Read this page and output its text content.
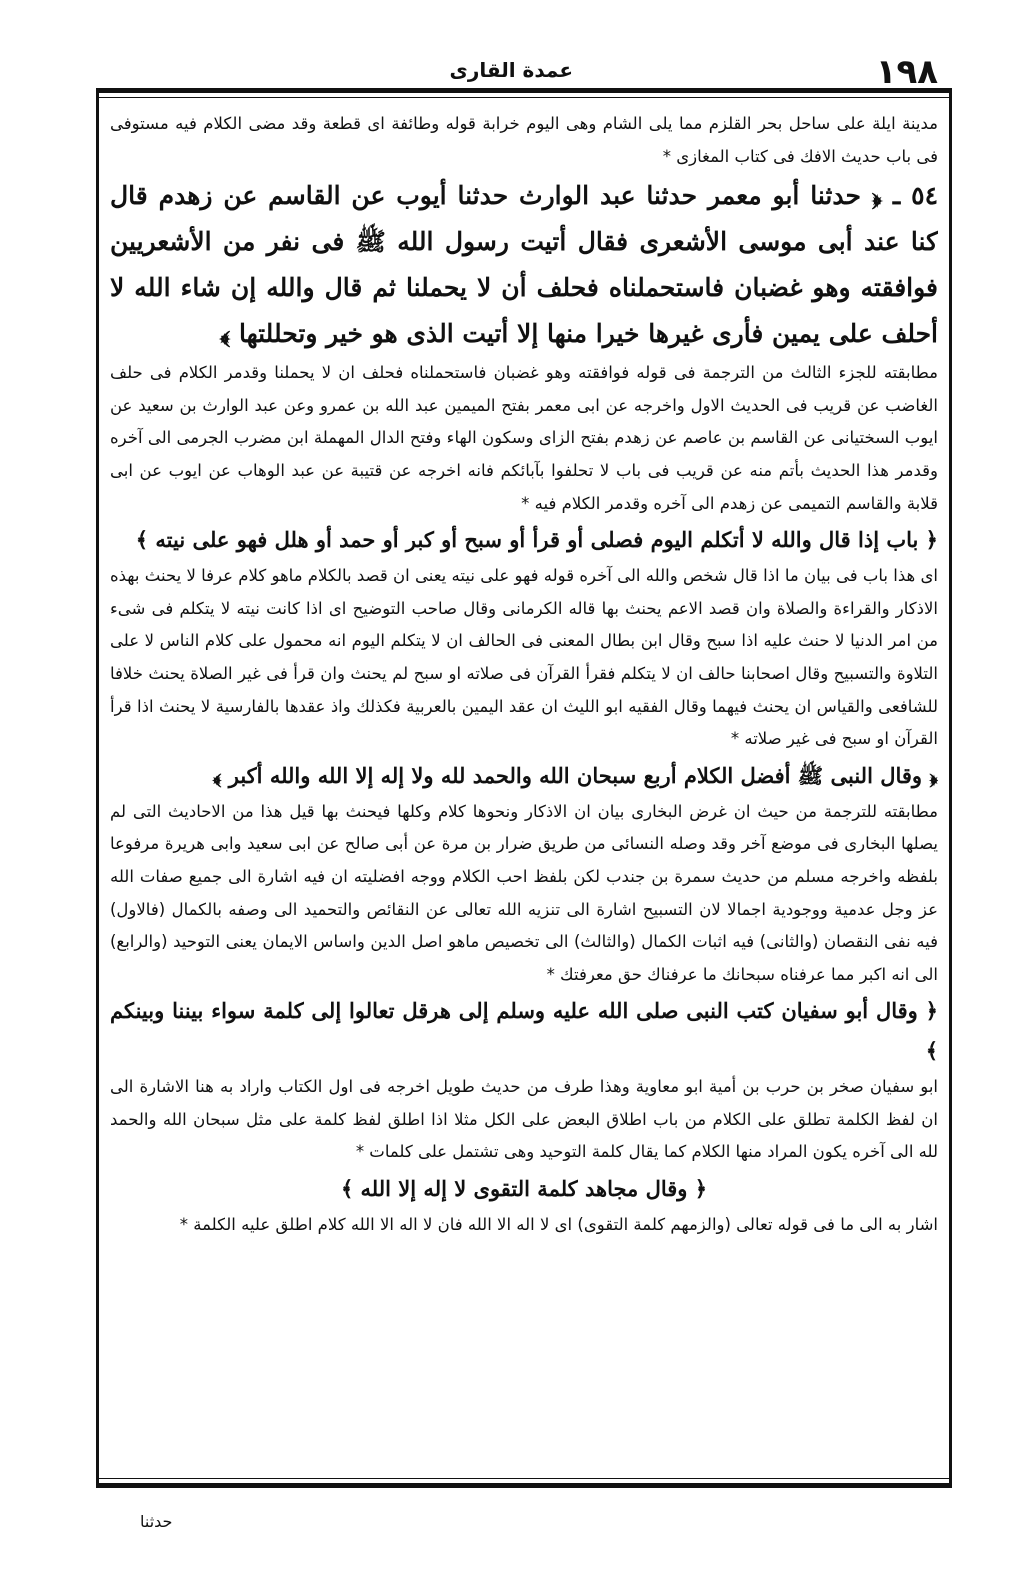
١٩٨
عمدة القارى

مدينة ايلة على ساحل بحر القلزم مما يلى الشام وهى اليوم خرابة قوله وطائفة اى قطعة وقد مضى الكلام فيه مستوفى فى باب حديث الافك فى كتاب المغازى *

٥٤ ـ ﴿ حدثنا أبو معمر حدثنا عبد الوارث حدثنا أيوب عن القاسم عن زهدم قال كنا عند أبى موسى الأشعرى فقال أتيت رسول الله ﷺ فى نفر من الأشعريين فوافقته وهو غضبان فاستحملناه فحلف أن لا يحملنا ثم قال والله إن شاء الله لا أحلف على يمين فأرى غيرها خيرا منها إلا أتيت الذى هو خير وتحللتها ﴾

مطابقته للجزء الثالث من الترجمة فى قوله فوافقته وهو غضبان فاستحملناه فحلف ان لا يحملنا وقدمر الكلام فى حلف الغاضب عن قريب فى الحديث الاول واخرجه عن ابى معمر بفتح الميمين عبد الله بن عمرو وعن عبد الوارث بن سعيد عن ايوب السختيانى عن القاسم بن عاصم عن زهدم بفتح الزاى وسكون الهاء وفتح الدال المهملة ابن مضرب الجرمى الى آخره وقدمر هذا الحديث بأتم منه عن قريب فى باب لا تحلفوا بآبائكم فانه اخرجه عن قتيبة عن عبد الوهاب عن ايوب عن ابى قلابة والقاسم التميمى عن زهدم الى آخره وقدمر الكلام فيه *

﴿ باب إذا قال والله لا أتكلم اليوم فصلى أو قرأ أو سبح أو كبر أو حمد أو هلل فهو على نيته ﴾

اى هذا باب فى بيان ما اذا قال شخص والله الى آخره قوله فهو على نيته يعنى ان قصد بالكلام ماهو كلام عرفا لا يحنث بهذه الاذكار والقراءة والصلاة وان قصد الاعم يحنث بها قاله الكرمانى وقال صاحب التوضيح اى اذا كانت نيته لا يتكلم فى شىء من امر الدنيا لا حنث عليه اذا سبح وقال ابن بطال المعنى فى الحالف ان لا يتكلم اليوم انه محمول على كلام الناس لا على التلاوة والتسبيح وقال اصحابنا حالف ان لا يتكلم فقرأ القرآن فى صلاته او سبح لم يحنث وان قرأ فى غير الصلاة يحنث خلافا للشافعى والقياس ان يحنث فيهما وقال الفقيه ابو الليث ان عقد اليمين بالعربية فكذلك واذ عقدها بالفارسية لا يحنث اذا قرأ القرآن او سبح فى غير صلاته *

﴿ وقال النبى ﷺ أفضل الكلام أربع سبحان الله والحمد لله ولا إله إلا الله والله أكبر ﴾

مطابقته للترجمة من حيث ان غرض البخارى بيان ان الاذكار ونحوها كلام وكلها فيحنث بها قيل هذا من الاحاديث التى لم يصلها البخارى فى موضع آخر وقد وصله النسائى من طريق ضرار بن مرة عن أبى صالح عن ابى سعيد وابى هريرة مرفوعا بلفظه واخرجه مسلم من حديث سمرة بن جندب لكن بلفظ احب الكلام ووجه افضليته ان فيه اشارة الى جميع صفات الله عز وجل عدمية ووجودية اجمالا لان التسبيح اشارة الى تنزيه الله تعالى عن النقائص والتحميد الى وصفه بالكمال (فالاول) فيه نفى النقصان (والثانى) فيه اثبات الكمال (والثالث) الى تخصيص ماهو اصل الدين واساس الايمان يعنى التوحيد (والرابع) الى انه اكبر مما عرفناه سبحانك ما عرفناك حق معرفتك *

﴿ وقال أبو سفيان كتب النبى صلى الله عليه وسلم إلى هرقل تعالوا إلى كلمة سواء بيننا وبينكم ﴾

ابو سفيان صخر بن حرب بن أمية ابو معاوية وهذا طرف من حديث طويل اخرجه فى اول الكتاب واراد به هنا الاشارة الى ان لفظ الكلمة تطلق على الكلام من باب اطلاق البعض على الكل مثلا اذا اطلق لفظ كلمة على مثل سبحان الله والحمد لله الى آخره يكون المراد منها الكلام كما يقال كلمة التوحيد وهى تشتمل على كلمات *

﴿ وقال مجاهد كلمة التقوى لا إله إلا الله ﴾

اشار به الى ما فى قوله تعالى (والزمهم كلمة التقوى) اى لا اله الا الله فان لا اله الا الله كلام اطلق عليه الكلمة *

حدثنا
